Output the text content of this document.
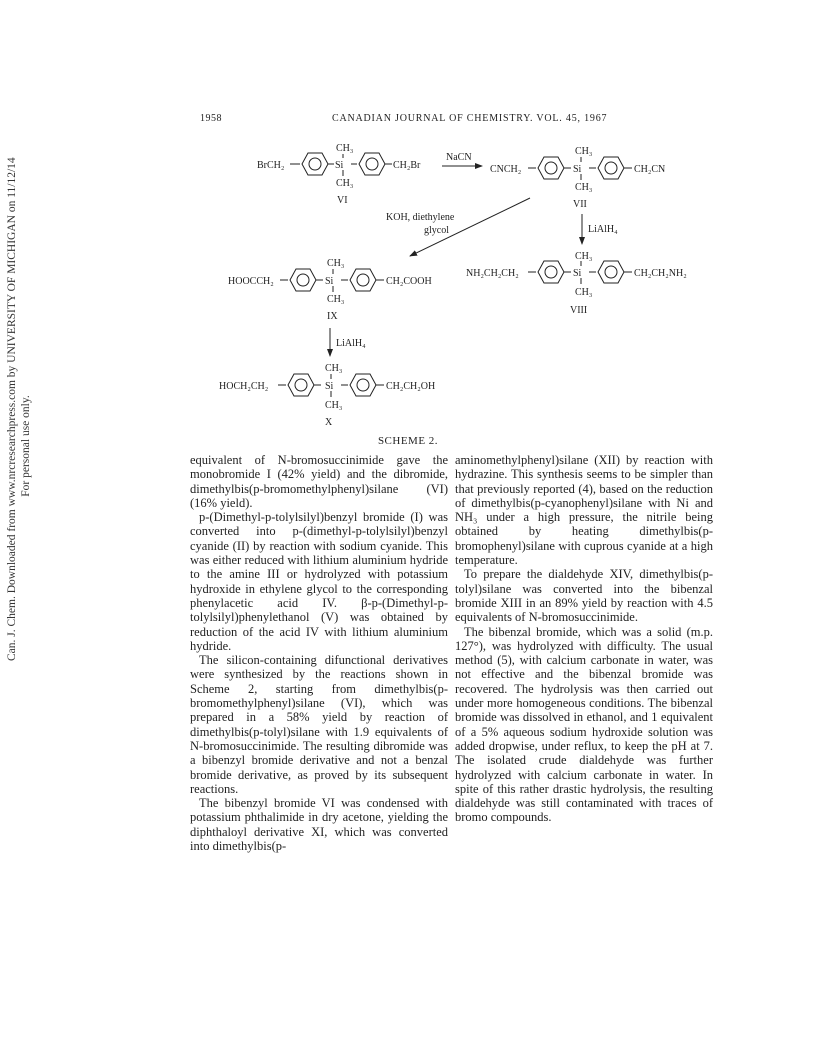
1958	CANADIAN JOURNAL OF CHEMISTRY. VOL. 45, 1967
Can. J. Chem. Downloaded from www.nrcresearchpress.com by UNIVERSITY OF MICHIGAN on 11/12/14 For personal use only.
BrCH₂	Si
CH₃
CH₃
CH₂Br
VI
NaCN
CNCH₂	Si
CH₃
CH₃
CH₂CN
VII
KOH, diethylene
glycol	LiAlH₄
NH₂CH₂CH₂	Si
CH₃
CH₃
CH₂CH₂NH₂
VIII
HOOCCH₂	Si
CH₃
CH₃
CH₂COOH
IX
LiAlH₄
HOCH₂CH₂	Si
CH₃
CH₃
CH₂CH₂OH
X
SCHEME 2.

equivalent of N-bromosuccinimide gave the monobromide I (42% yield) and the dibromide, dimethylbis(p-bromomethylphenyl)silane (VI) (16% yield).

p-(Dimethyl-p-tolylsilyl)benzyl bromide (I) was converted into p-(dimethyl-p-tolylsilyl)benzyl cyanide (II) by reaction with sodium cyanide. This was either reduced with lithium aluminium hydride to the amine III or hydrolyzed with potassium hydroxide in ethylene glycol to the corresponding phenylacetic acid IV. β-p-(Dimethyl-p-tolylsilyl)phenylethanol (V) was obtained by reduction of the acid IV with lithium aluminium hydride.

The silicon-containing difunctional derivatives were synthesized by the reactions shown in Scheme 2, starting from dimethylbis(p-bromomethylphenyl)silane (VI), which was prepared in a 58% yield by reaction of dimethylbis(p-tolyl)silane with 1.9 equivalents of N-bromosuccinimide. The resulting dibromide was a bibenzyl bromide derivative and not a benzal bromide derivative, as proved by its subsequent reactions.

The bibenzyl bromide VI was condensed with potassium phthalimide in dry acetone, yielding the diphthaloyl derivative XI, which was converted into dimethylbis(p-

aminomethylphenyl)silane (XII) by reaction with hydrazine. This synthesis seems to be simpler than that previously reported (4), based on the reduction of dimethylbis(p-cyanophenyl)silane with Ni and NH₃ under a high pressure, the nitrile being obtained by heating dimethylbis(p-bromophenyl)silane with cuprous cyanide at a high temperature.

To prepare the dialdehyde XIV, dimethylbis(p-tolyl)silane was converted into the bibenzal bromide XIII in an 89% yield by reaction with 4.5 equivalents of N-bromosuccinimide.

The bibenzal bromide, which was a solid (m.p. 127°), was hydrolyzed with difficulty. The usual method (5), with calcium carbonate in water, was not effective and the bibenzal bromide was recovered. The hydrolysis was then carried out under more homogeneous conditions. The bibenzal bromide was dissolved in ethanol, and 1 equivalent of a 5% aqueous sodium hydroxide solution was added dropwise, under reflux, to keep the pH at 7. The isolated crude dialdehyde was further hydrolyzed with calcium carbonate in water. In spite of this rather drastic hydrolysis, the resulting dialdehyde was still contaminated with traces of bromo compounds.
